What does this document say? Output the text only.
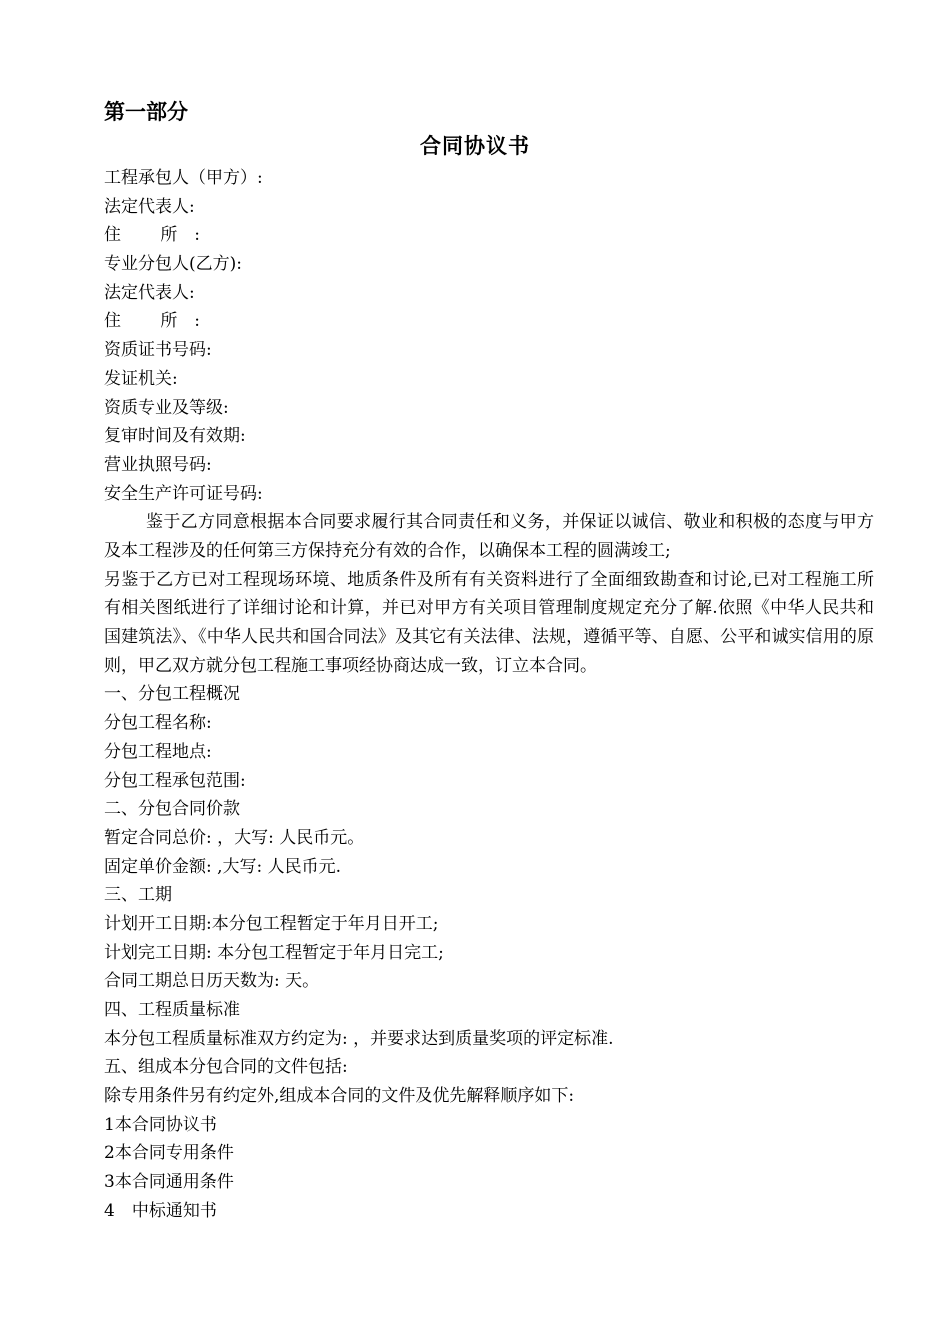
第一部分
合同协议书
工程承包人（甲方）:
法定代表人:
住 所:
专业分包人(乙方):
法定代表人:
住 所:
资质证书号码:
发证机关:
资质专业及等级:
复审时间及有效期:
营业执照号码:
安全生产许可证号码:
鉴于乙方同意根据本合同要求履行其合同责任和义务，并保证以诚信、敬业和积极的态度与甲方及本工程涉及的任何第三方保持充分有效的合作，以确保本工程的圆满竣工;
另鉴于乙方已对工程现场环境、地质条件及所有有关资料进行了全面细致勘查和讨论,已对工程施工所有相关图纸进行了详细讨论和计算，并已对甲方有关项目管理制度规定充分了解.依照《中华人民共和国建筑法》、《中华人民共和国合同法》及其它有关法律、法规，遵循平等、自愿、公平和诚实信用的原则，甲乙双方就分包工程施工事项经协商达成一致，订立本合同。
一、分包工程概况
分包工程名称:
分包工程地点:
分包工程承包范围:
二、分包合同价款
暂定合同总价: ，大写: 人民币元。
固定单价金额: ,大写: 人民币元.
三、工期
计划开工日期:本分包工程暂定于年月日开工;
计划完工日期: 本分包工程暂定于年月日完工;
合同工期总日历天数为: 天。
四、工程质量标准
本分包工程质量标准双方约定为: ，并要求达到质量奖项的评定标准.
五、组成本分包合同的文件包括:
除专用条件另有约定外,组成本合同的文件及优先解释顺序如下:
1本合同协议书
2本合同专用条件
3本合同通用条件
4　中标通知书
